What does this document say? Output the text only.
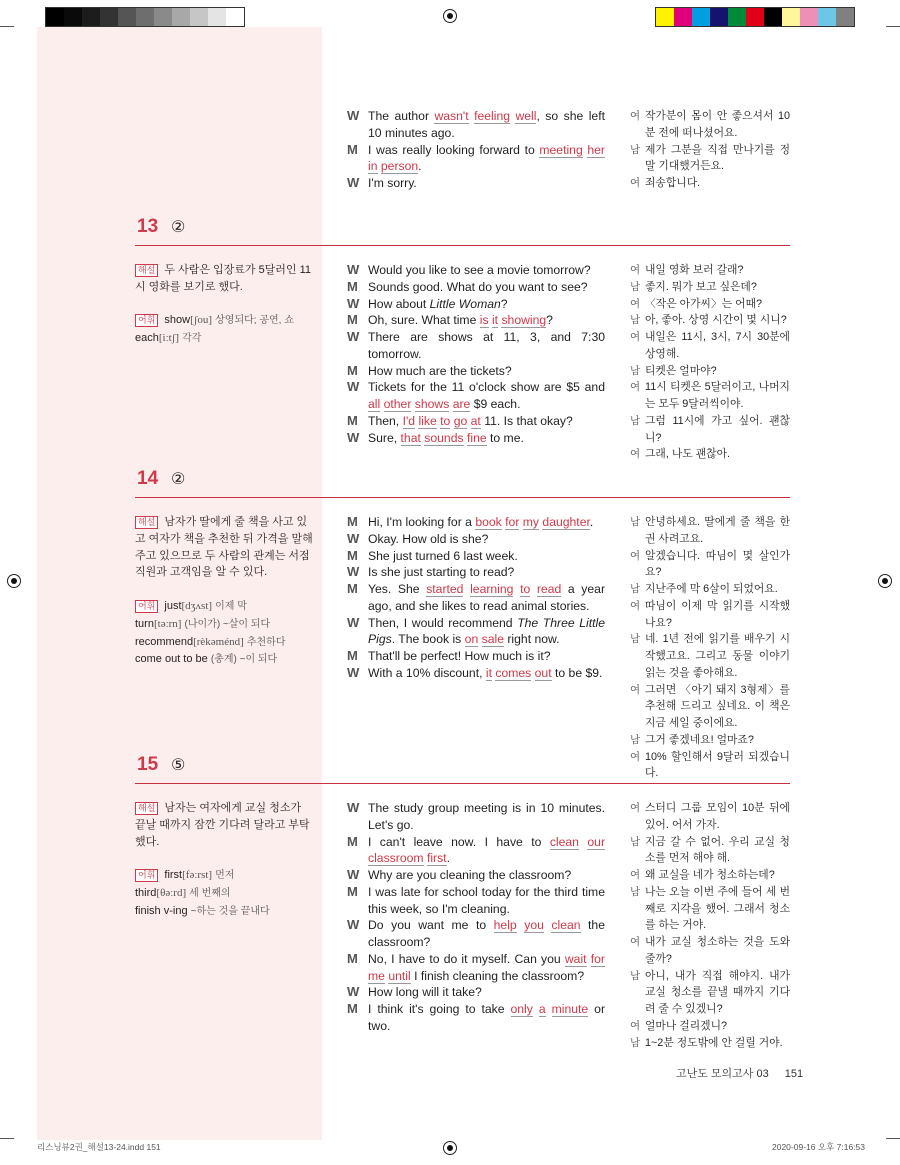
W The author wasn't feeling well, so she left 10 minutes ago.
M I was really looking forward to meeting her in person.
W I'm sorry.
여 작가분이 몸이 안 좋으셔서 10분 전에 떠나셨어요.
남 제가 그분을 직접 만나기를 정말 기대했거든요.
여 죄송합니다.
13 ②
해설 두 사람은 입장료가 5달러인 11시 영화를 보기로 했다.
어휘 show[ʃou] 상영되다; 공연, 쇼
each[iːtʃ] 각각
W Would you like to see a movie tomorrow?
M Sounds good. What do you want to see?
W How about Little Woman?
M Oh, sure. What time is it showing?
W There are shows at 11, 3, and 7:30 tomorrow.
M How much are the tickets?
W Tickets for the 11 o'clock show are $5 and all other shows are $9 each.
M Then, I'd like to go at 11. Is that okay?
W Sure, that sounds fine to me.
여 내일 영화 보러 갈래?
남 좋지. 뭐가 보고 싶은데?
여 〈작은 아가씨〉는 어때?
남 아, 좋아. 상영 시간이 몇 시니?
여 내일은 11시, 3시, 7시 30분에 상영해.
남 티켓은 얼마야?
여 11시 티켓은 5달러이고, 나머지는 모두 9달러씩이야.
남 그럼 11시에 가고 싶어. 괜찮니?
여 그래, 나도 괜찮아.
14 ②
해설 남자가 딸에게 줄 책을 사고 있고 여자가 책을 추천한 뒤 가격을 말해 주고 있으므로 두 사람의 관계는 서점 직원과 고객임을 알 수 있다.
어휘 just[dʒʌst] 이제 막
turn[təːrn] (나이가) ~살이 되다
recommend[rèkəménd] 추천하다
come out to be (총계) ~이 되다
M Hi, I'm looking for a book for my daughter.
W Okay. How old is she?
M She just turned 6 last week.
W Is she just starting to read?
M Yes. She started learning to read a year ago, and she likes to read animal stories.
W Then, I would recommend The Three Little Pigs. The book is on sale right now.
M That'll be perfect! How much is it?
W With a 10% discount, it comes out to be $9.
남 안녕하세요. 딸에게 줄 책을 한 권 사려고요.
여 알겠습니다. 따님이 몇 살인가요?
남 지난주에 막 6살이 되었어요.
여 따님이 이제 막 읽기를 시작했나요?
남 네. 1년 전에 읽기를 배우기 시작했고요. 그리고 동물 이야기 읽는 것을 좋아해요.
여 그러면 〈아기 돼지 3형제〉를 추천해 드리고 싶네요. 이 책은 지금 세일 중이에요.
남 그거 좋겠네요! 얼마죠?
여 10% 할인해서 9달러 되겠습니다.
15 ⑤
해설 남자는 여자에게 교실 청소가 끝날 때까지 잠깐 기다려 달라고 부탁했다.
어휘 first[fəːrst] 먼저
third[θəːrd] 세 번째의
finish v-ing ~하는 것을 끝내다
W The study group meeting is in 10 minutes. Let's go.
M I can't leave now. I have to clean our classroom first.
W Why are you cleaning the classroom?
M I was late for school today for the third time this week, so I'm cleaning.
W Do you want me to help you clean the classroom?
M No, I have to do it myself. Can you wait for me until I finish cleaning the classroom?
W How long will it take?
M I think it's going to take only a minute or two.
여 스터디 그룹 모임이 10분 뒤에 있어. 어서 가자.
남 지금 갈 수 없어. 우리 교실 청소를 먼저 해야 해.
여 왜 교실을 네가 청소하는데?
남 나는 오늘 이번 주에 들어 세 번째로 지각을 했어. 그래서 청소를 하는 거야.
여 내가 교실 청소하는 것을 도와줄까?
남 아니, 내가 직접 해야지. 내가 교실 청소를 끝낼 때까지 기다려 줄 수 있겠니?
여 얼마나 걸리겠니?
남 1~2분 정도밖에 안 걸릴 거야.
고난도 모의고사 03 151
리스닝뷰2권_해설13-24.indd 151	2020-09-16 오후 7:16:53
